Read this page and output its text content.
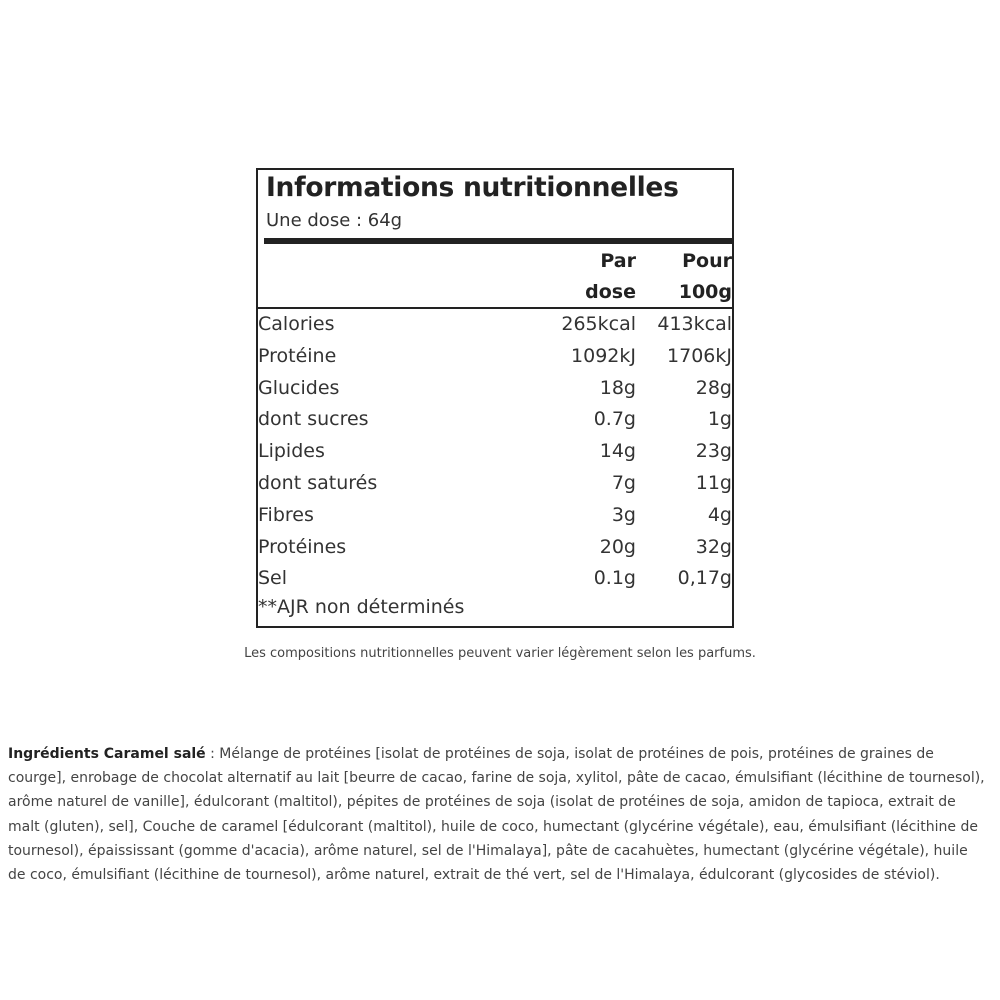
Informations nutritionnelles
Une dose : 64g
Par
dose
Pour
100g
Calories	265kcal 413kcal
Protéine	1092kJ 1706kJ
Glucides	18g	28g
dont sucres	0.7g	1g
Lipides	14g	23g
dont saturés	7g	11g
Fibres	3g	4g
Protéines	20g	32g
Sel	0.1g 0,17g
**AJR non déterminés
Les compositions nutritionnelles peuvent varier légèrement selon les parfums.
Ingrédients Caramel salé : Mélange de protéines [isolat de protéines de soja, isolat de protéines de pois, protéines de graines de courge], enrobage de chocolat alternatif au lait [beurre de cacao, farine de soja, xylitol, pâte de cacao, émulsifiant (lécithine de tournesol), arôme naturel de vanille], édulcorant (maltitol), pépites de protéines de soja (isolat de protéines de soja, amidon de tapioca, extrait de malt (gluten), sel], Couche de caramel [édulcorant (maltitol), huile de coco, humectant (glycérine végétale), eau, émulsifiant (lécithine de tournesol), épaississant (gomme d'acacia), arôme naturel, sel de l'Himalaya], pâte de cacahuètes, humectant (glycérine végétale), huile de coco, émulsifiant (lécithine de tournesol), arôme naturel, extrait de thé vert, sel de l'Himalaya, édulcorant (glycosides de stéviol).
